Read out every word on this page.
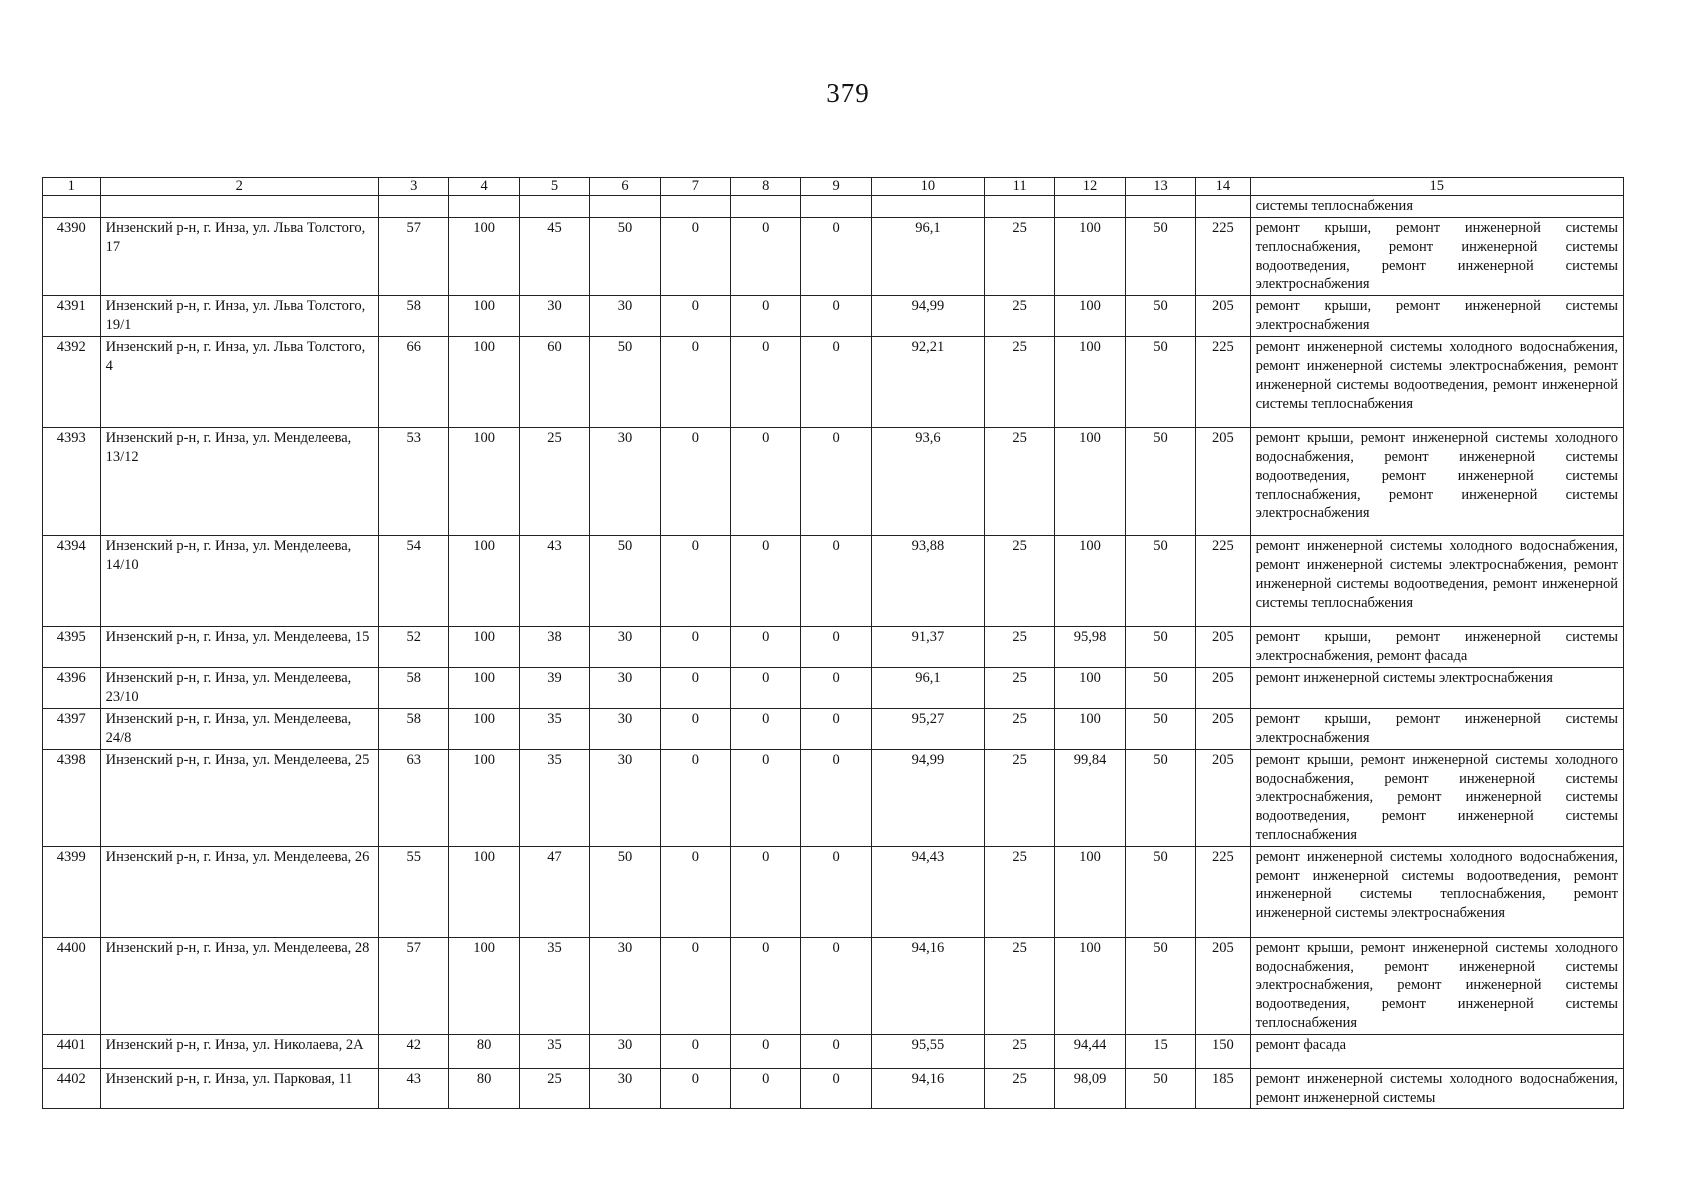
379
1	2	3	4	5	6	7	8	9	10	11	12	13	14	15
														системы теплоснабжения
4390	Инзенский р-н, г. Инза, ул. Льва Толстого, 17	57	100	45	50	0	0	0	96,1	25	100	50	225	ремонт крыши, ремонт инженерной системы теплоснабжения, ремонт инженерной системы водоотведения, ремонт инженерной системы электроснабжения
4391	Инзенский р-н, г. Инза, ул. Льва Толстого, 19/1	58	100	30	30	0	0	0	94,99	25	100	50	205	ремонт крыши, ремонт инженерной системы электроснабжения
4392	Инзенский р-н, г. Инза, ул. Льва Толстого, 4	66	100	60	50	0	0	0	92,21	25	100	50	225	ремонт инженерной системы холодного водоснабжения, ремонт инженерной системы электроснабжения, ремонт инженерной системы водоотведения, ремонт инженерной системы теплоснабжения
4393	Инзенский р-н, г. Инза, ул. Менделеева, 13/12	53	100	25	30	0	0	0	93,6	25	100	50	205	ремонт крыши, ремонт инженерной системы холодного водоснабжения, ремонт инженерной системы водоотведения, ремонт инженерной системы теплоснабжения, ремонт инженерной системы электроснабжения
4394	Инзенский р-н, г. Инза, ул. Менделеева, 14/10	54	100	43	50	0	0	0	93,88	25	100	50	225	ремонт инженерной системы холодного водоснабжения, ремонт инженерной системы электроснабжения, ремонт инженерной системы водоотведения, ремонт инженерной системы теплоснабжения
4395	Инзенский р-н, г. Инза, ул. Менделеева, 15	52	100	38	30	0	0	0	91,37	25	95,98	50	205	ремонт крыши, ремонт инженерной системы электроснабжения, ремонт фасада
4396	Инзенский р-н, г. Инза, ул. Менделеева, 23/10	58	100	39	30	0	0	0	96,1	25	100	50	205	ремонт инженерной системы электроснабжения
4397	Инзенский р-н, г. Инза, ул. Менделеева, 24/8	58	100	35	30	0	0	0	95,27	25	100	50	205	ремонт крыши, ремонт инженерной системы электроснабжения
4398	Инзенский р-н, г. Инза, ул. Менделеева, 25	63	100	35	30	0	0	0	94,99	25	99,84	50	205	ремонт крыши, ремонт инженерной системы холодного водоснабжения, ремонт инженерной системы электроснабжения, ремонт инженерной системы водоотведения, ремонт инженерной системы теплоснабжения
4399	Инзенский р-н, г. Инза, ул. Менделеева, 26	55	100	47	50	0	0	0	94,43	25	100	50	225	ремонт инженерной системы холодного водоснабжения, ремонт инженерной системы водоотведения, ремонт инженерной системы теплоснабжения, ремонт инженерной системы электроснабжения
4400	Инзенский р-н, г. Инза, ул. Менделеева, 28	57	100	35	30	0	0	0	94,16	25	100	50	205	ремонт крыши, ремонт инженерной системы холодного водоснабжения, ремонт инженерной системы электроснабжения, ремонт инженерной системы водоотведения, ремонт инженерной системы теплоснабжения
4401	Инзенский р-н, г. Инза, ул. Николаева, 2А	42	80	35	30	0	0	0	95,55	25	94,44	15	150	ремонт фасада
4402	Инзенский р-н, г. Инза, ул. Парковая, 11	43	80	25	30	0	0	0	94,16	25	98,09	50	185	ремонт инженерной системы холодного водоснабжения, ремонт инженерной системы
